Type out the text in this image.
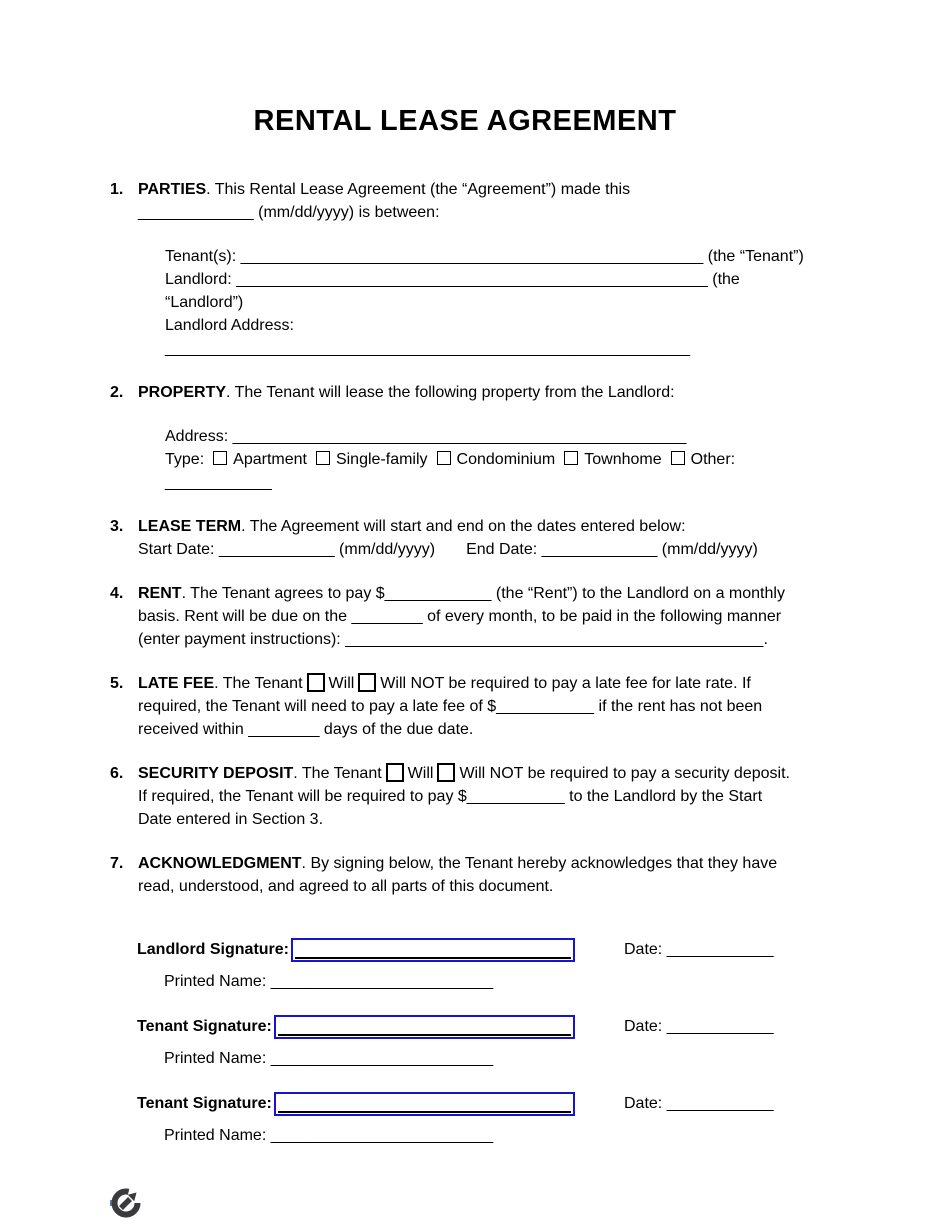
RENTAL LEASE AGREEMENT
1. PARTIES. This Rental Lease Agreement (the “Agreement”) made this
_____________ (mm/dd/yyyy) is between:
Tenant(s): ____________________________________________________ (the “Tenant”)
Landlord: _____________________________________________________ (the “Landlord”)
Landlord Address: ___________________________________________________________
2. PROPERTY. The Tenant will lease the following property from the Landlord:
Address: ___________________________________________________
Type: Apartment Single-family Condominium Townhome Other: ____________
3. LEASE TERM. The Agreement will start and end on the dates entered below:
Start Date: _____________ (mm/dd/yyyy) End Date: _____________ (mm/dd/yyyy)
4. RENT. The Tenant agrees to pay $____________ (the “Rent”) to the Landlord on a monthly
basis. Rent will be due on the ________ of every month, to be paid in the following manner
(enter payment instructions): _______________________________________________.
5. LATE FEE. The Tenant Will Will NOT be required to pay a late fee for late rate. If
required, the Tenant will need to pay a late fee of $___________ if the rent has not been
received within ________ days of the due date.
6. SECURITY DEPOSIT. The Tenant Will Will NOT be required to pay a security deposit.
If required, the Tenant will be required to pay $___________ to the Landlord by the Start
Date entered in Section 3.
7. ACKNOWLEDGMENT. By signing below, the Tenant hereby acknowledges that they have
read, understood, and agreed to all parts of this document.
Landlord Signature:	Date: ____________
Printed Name: _________________________
Tenant Signature:	Date: ____________
Printed Name: _________________________
Tenant Signature:	Date: ____________
Printed Name: _________________________
